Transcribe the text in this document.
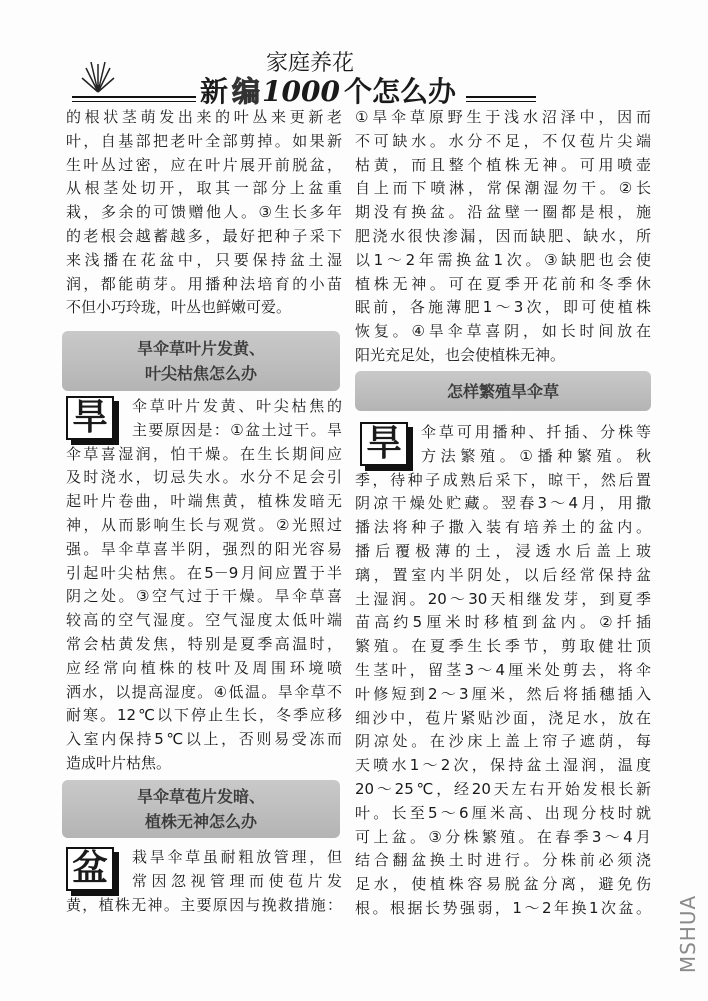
新 编
家庭养花
1000 个怎么办
的根状茎萌发出来的叶丛来更新老
叶，自基部把老叶全部剪掉。如果新
生叶丛过密，应在叶片展开前脱盆，
从根茎处切开，取其一部分上盆重
栽，多余的可馈赠他人。③生长多年
的老根会越蓄越多，最好把种子采下
来浅播在花盆中，只要保持盆土湿
润，都能萌芽。用播种法培育的小苗
不但小巧玲珑，叶丛也鲜嫩可爱。
旱伞草叶片发黄、
叶尖枯焦怎么办
旱	伞草叶片发黄、叶尖枯焦的
主要原因是：①盆土过干。旱
伞草喜湿润，怕干燥。在生长期间应
及时浇水，切忌失水。水分不足会引
起叶片卷曲，叶端焦黄，植株发暗无
神，从而影响生长与观赏。②光照过
强。旱伞草喜半阴，强烈的阳光容易
引起叶尖枯焦。在5－9月间应置于半
阴之处。③空气过于干燥。旱伞草喜
较高的空气湿度。空气湿度太低叶端
常会枯黄发焦，特别是夏季高温时，
应经常向植株的枝叶及周围环境喷
洒水，以提高湿度。④低温。旱伞草不
耐寒。12℃以下停止生长，冬季应移
入室内保持5℃以上，否则易受冻而
造成叶片枯焦。
旱伞草苞片发暗、
植株无神怎么办
盆	栽旱伞草虽耐粗放管理，但
常因忽视管理而使苞片发
黄，植株无神。主要原因与挽救措施：
①旱伞草原野生于浅水沼泽中，因而
不可缺水。水分不足，不仅苞片尖端
枯黄，而且整个植株无神。可用喷壶
自上而下喷淋，常保潮湿勿干。②长
期没有换盆。沿盆壁一圈都是根，施
肥浇水很快渗漏，因而缺肥、缺水，所
以1～2年需换盆1次。③缺肥也会使
植株无神。可在夏季开花前和冬季休
眠前，各施薄肥1～3次，即可使植株
恢复。④旱伞草喜阴，如长时间放在
阳光充足处，也会使植株无神。
怎样繁殖旱伞草
旱	伞草可用播种、扦插、分株等
方法繁殖。①播种繁殖。秋
季，待种子成熟后采下，晾干，然后置
阴凉干燥处贮藏。翌春3～4月，用撒
播法将种子撒入装有培养土的盆内。
播后覆极薄的土，浸透水后盖上玻
璃，置室内半阴处，以后经常保持盆
土湿润。20～30天相继发芽，到夏季
苗高约5厘米时移植到盆内。②扦插
繁殖。在夏季生长季节，剪取健壮顶
生茎叶，留茎3～4厘米处剪去，将伞
叶修短到2～3厘米，然后将插穗插入
细沙中，苞片紧贴沙面，浇足水，放在
阴凉处。在沙床上盖上帘子遮荫，每
天喷水1～2次，保持盆土湿润，温度
20～25℃，经20天左右开始发根长新
叶。长至5～6厘米高、出现分枝时就
可上盆。③分株繁殖。在春季3～4月
结合翻盆换土时进行。分株前必须浇
足水，使植株容易脱盆分离，避免伤
根。根据长势强弱，1～2年换1次盆。 MSHUA
